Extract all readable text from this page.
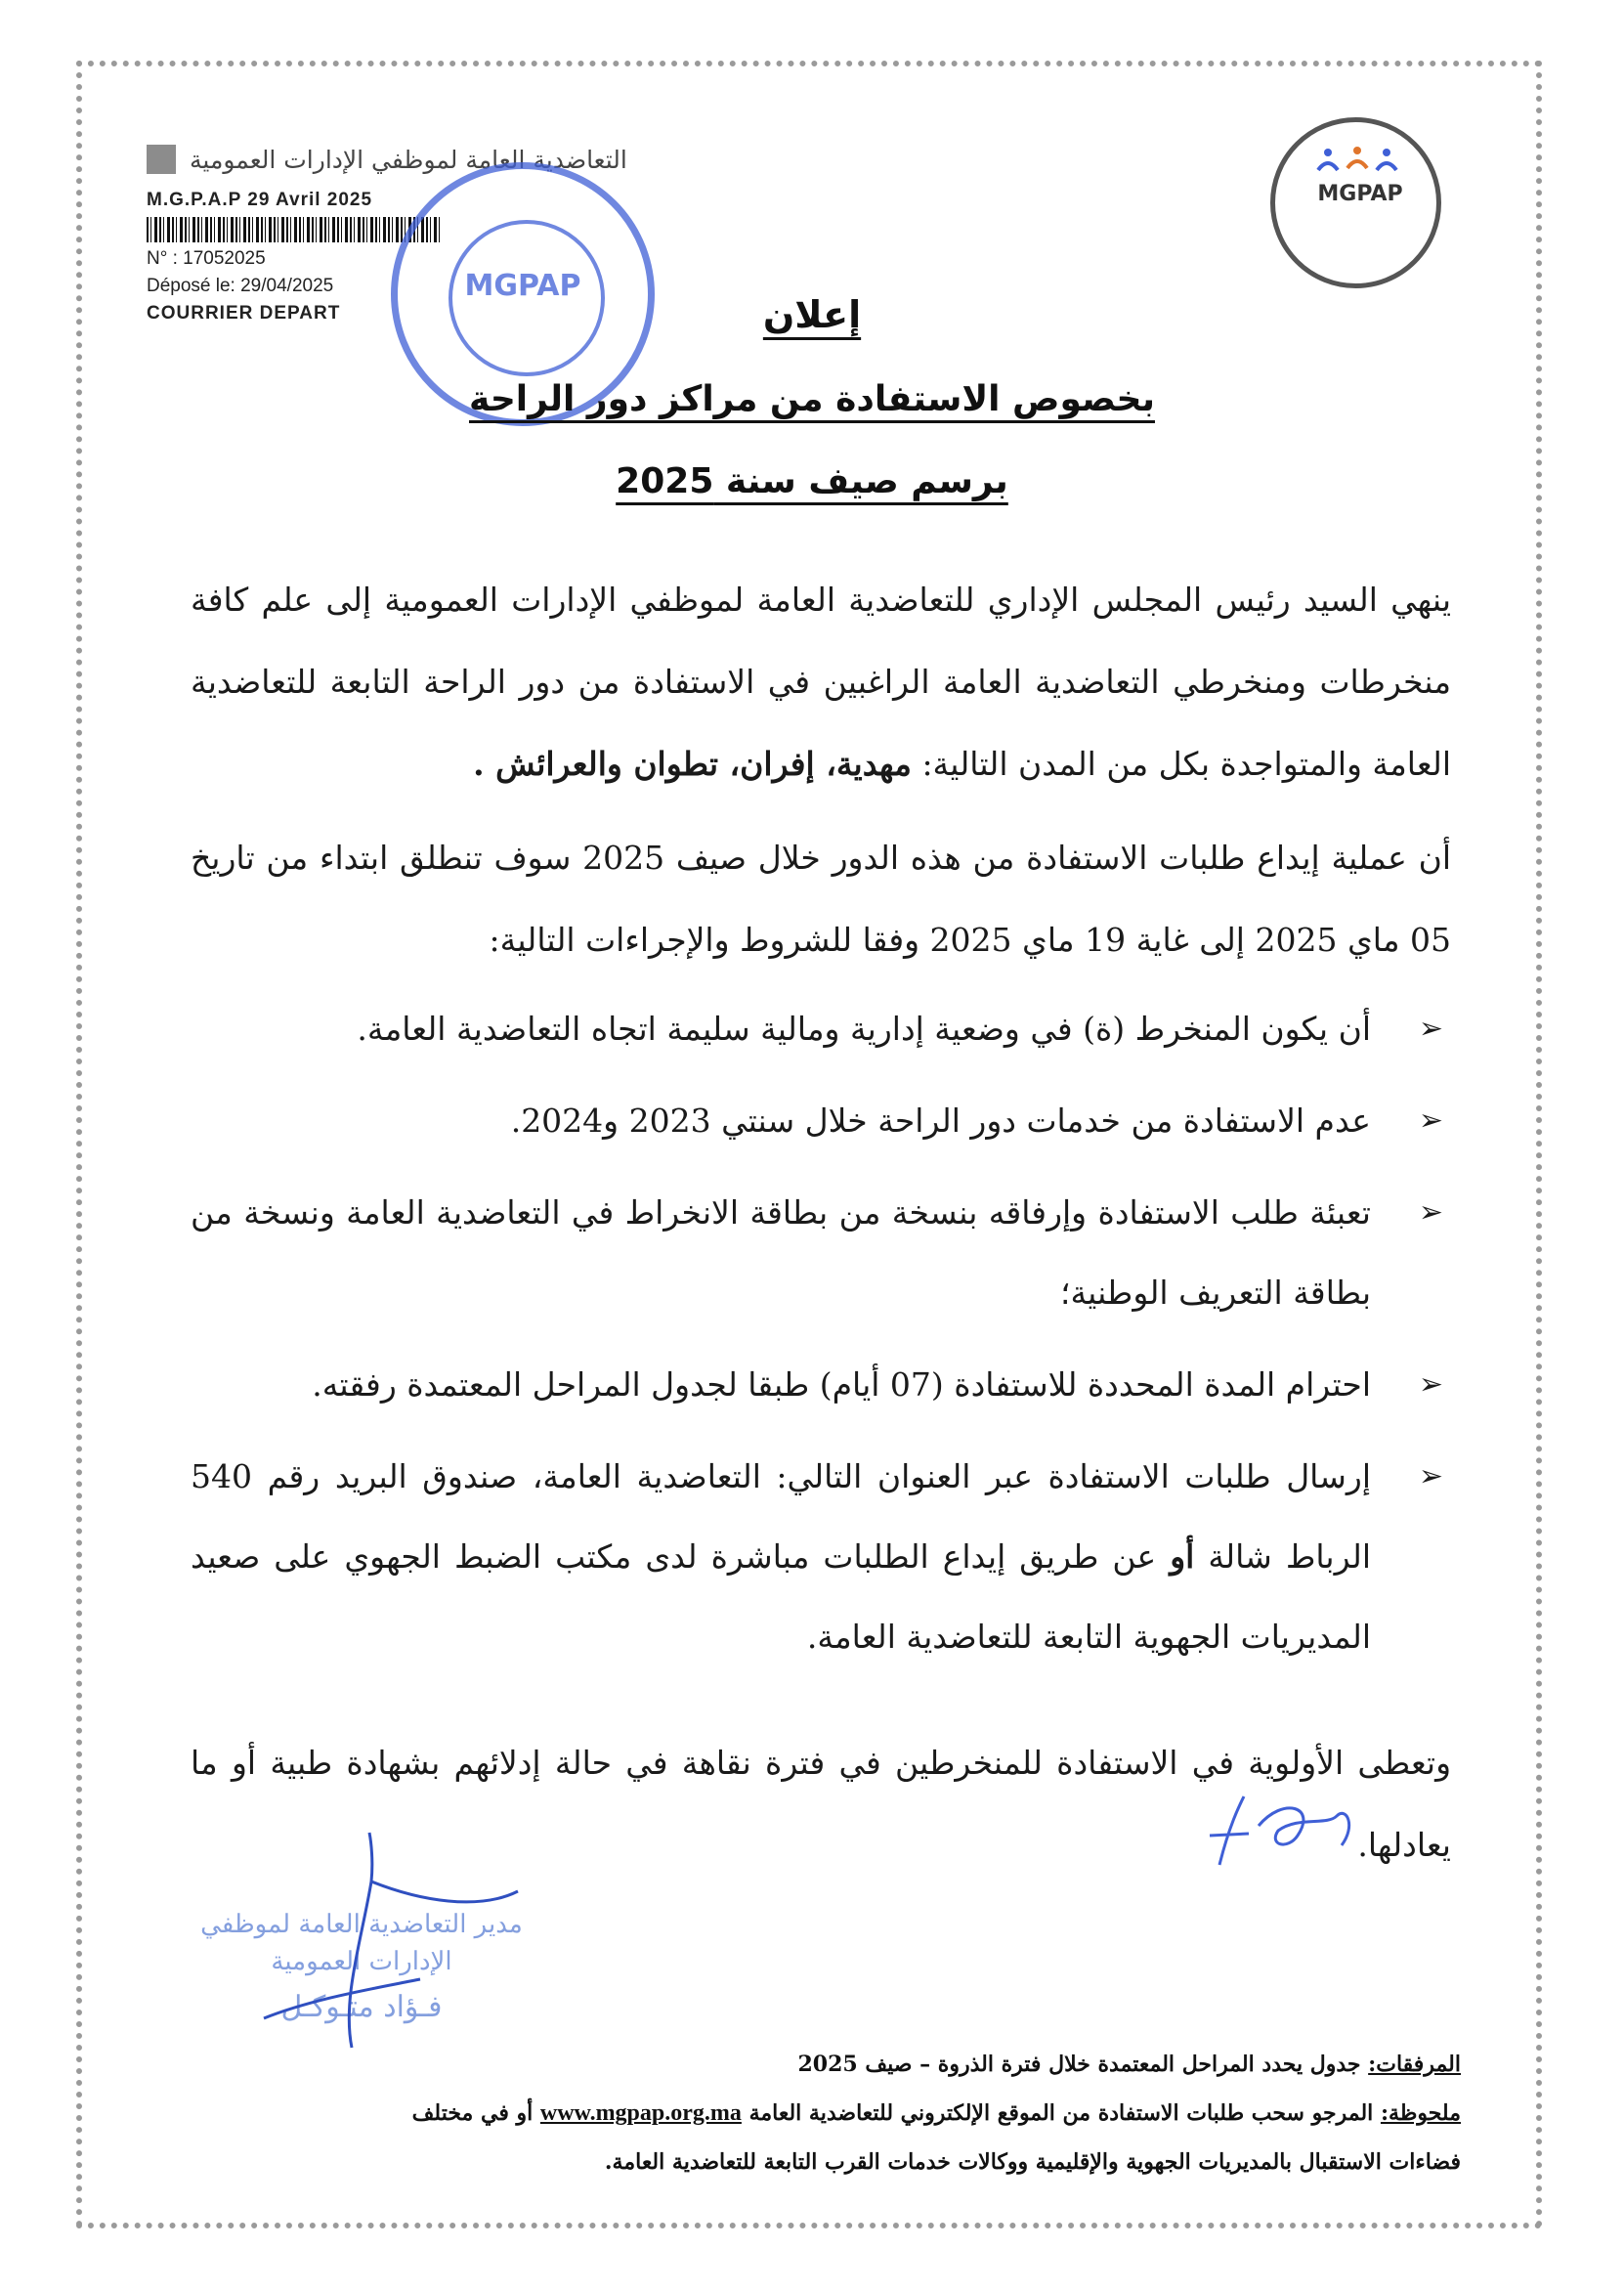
التعاضدية العامة لموظفي الإدارات العمومية
M.G.P.A.P 29 Avril 2025
N° : 17052025
Déposé le: 29/04/2025
COURRIER DEPART
MGPAP
MGPAP
إعلان
بخصوص الاستفادة من مراكز دور الراحة
برسم صيف سنة 2025
ينهي السيد رئيس المجلس الإداري للتعاضدية العامة لموظفي الإدارات العمومية إلى علم كافة منخرطات ومنخرطي التعاضدية العامة الراغبين في الاستفادة من دور الراحة التابعة للتعاضدية العامة والمتواجدة بكل من المدن التالية: مهدية، إفران، تطوان والعرائش .
أن عملية إيداع طلبات الاستفادة من هذه الدور خلال صيف 2025 سوف تنطلق ابتداء من تاريخ 05 ماي 2025 إلى غاية 19 ماي 2025 وفقا للشروط والإجراءات التالية:
➢
أن يكون المنخرط (ة) في وضعية إدارية ومالية سليمة اتجاه التعاضدية العامة.
➢
عدم الاستفادة من خدمات دور الراحة خلال سنتي 2023 و2024.
➢
تعبئة طلب الاستفادة وإرفاقه بنسخة من بطاقة الانخراط في التعاضدية العامة ونسخة من بطاقة التعريف الوطنية؛
➢
احترام المدة المحددة للاستفادة (07 أيام) طبقا لجدول المراحل المعتمدة رفقته.
➢
إرسال طلبات الاستفادة عبر العنوان التالي: التعاضدية العامة، صندوق البريد رقم 540 الرباط شالة أو عن طريق إيداع الطلبات مباشرة لدى مكتب الضبط الجهوي على صعيد المديريات الجهوية التابعة للتعاضدية العامة.
وتعطى الأولوية في الاستفادة للمنخرطين في فترة نقاهة في حالة إدلائهم بشهادة طبية أو ما يعادلها.
مدير التعاضدية العامة لموظفي
الإدارات العمومية
فـؤاد متـوكـل
المرفقات: جدول يحدد المراحل المعتمدة خلال فترة الذروة – صيف 2025
ملحوظة: المرجو سحب طلبات الاستفادة من الموقع الإلكتروني للتعاضدية العامة www.mgpap.org.ma أو في مختلف
فضاءات الاستقبال بالمديريات الجهوية والإقليمية ووكالات خدمات القرب التابعة للتعاضدية العامة.
